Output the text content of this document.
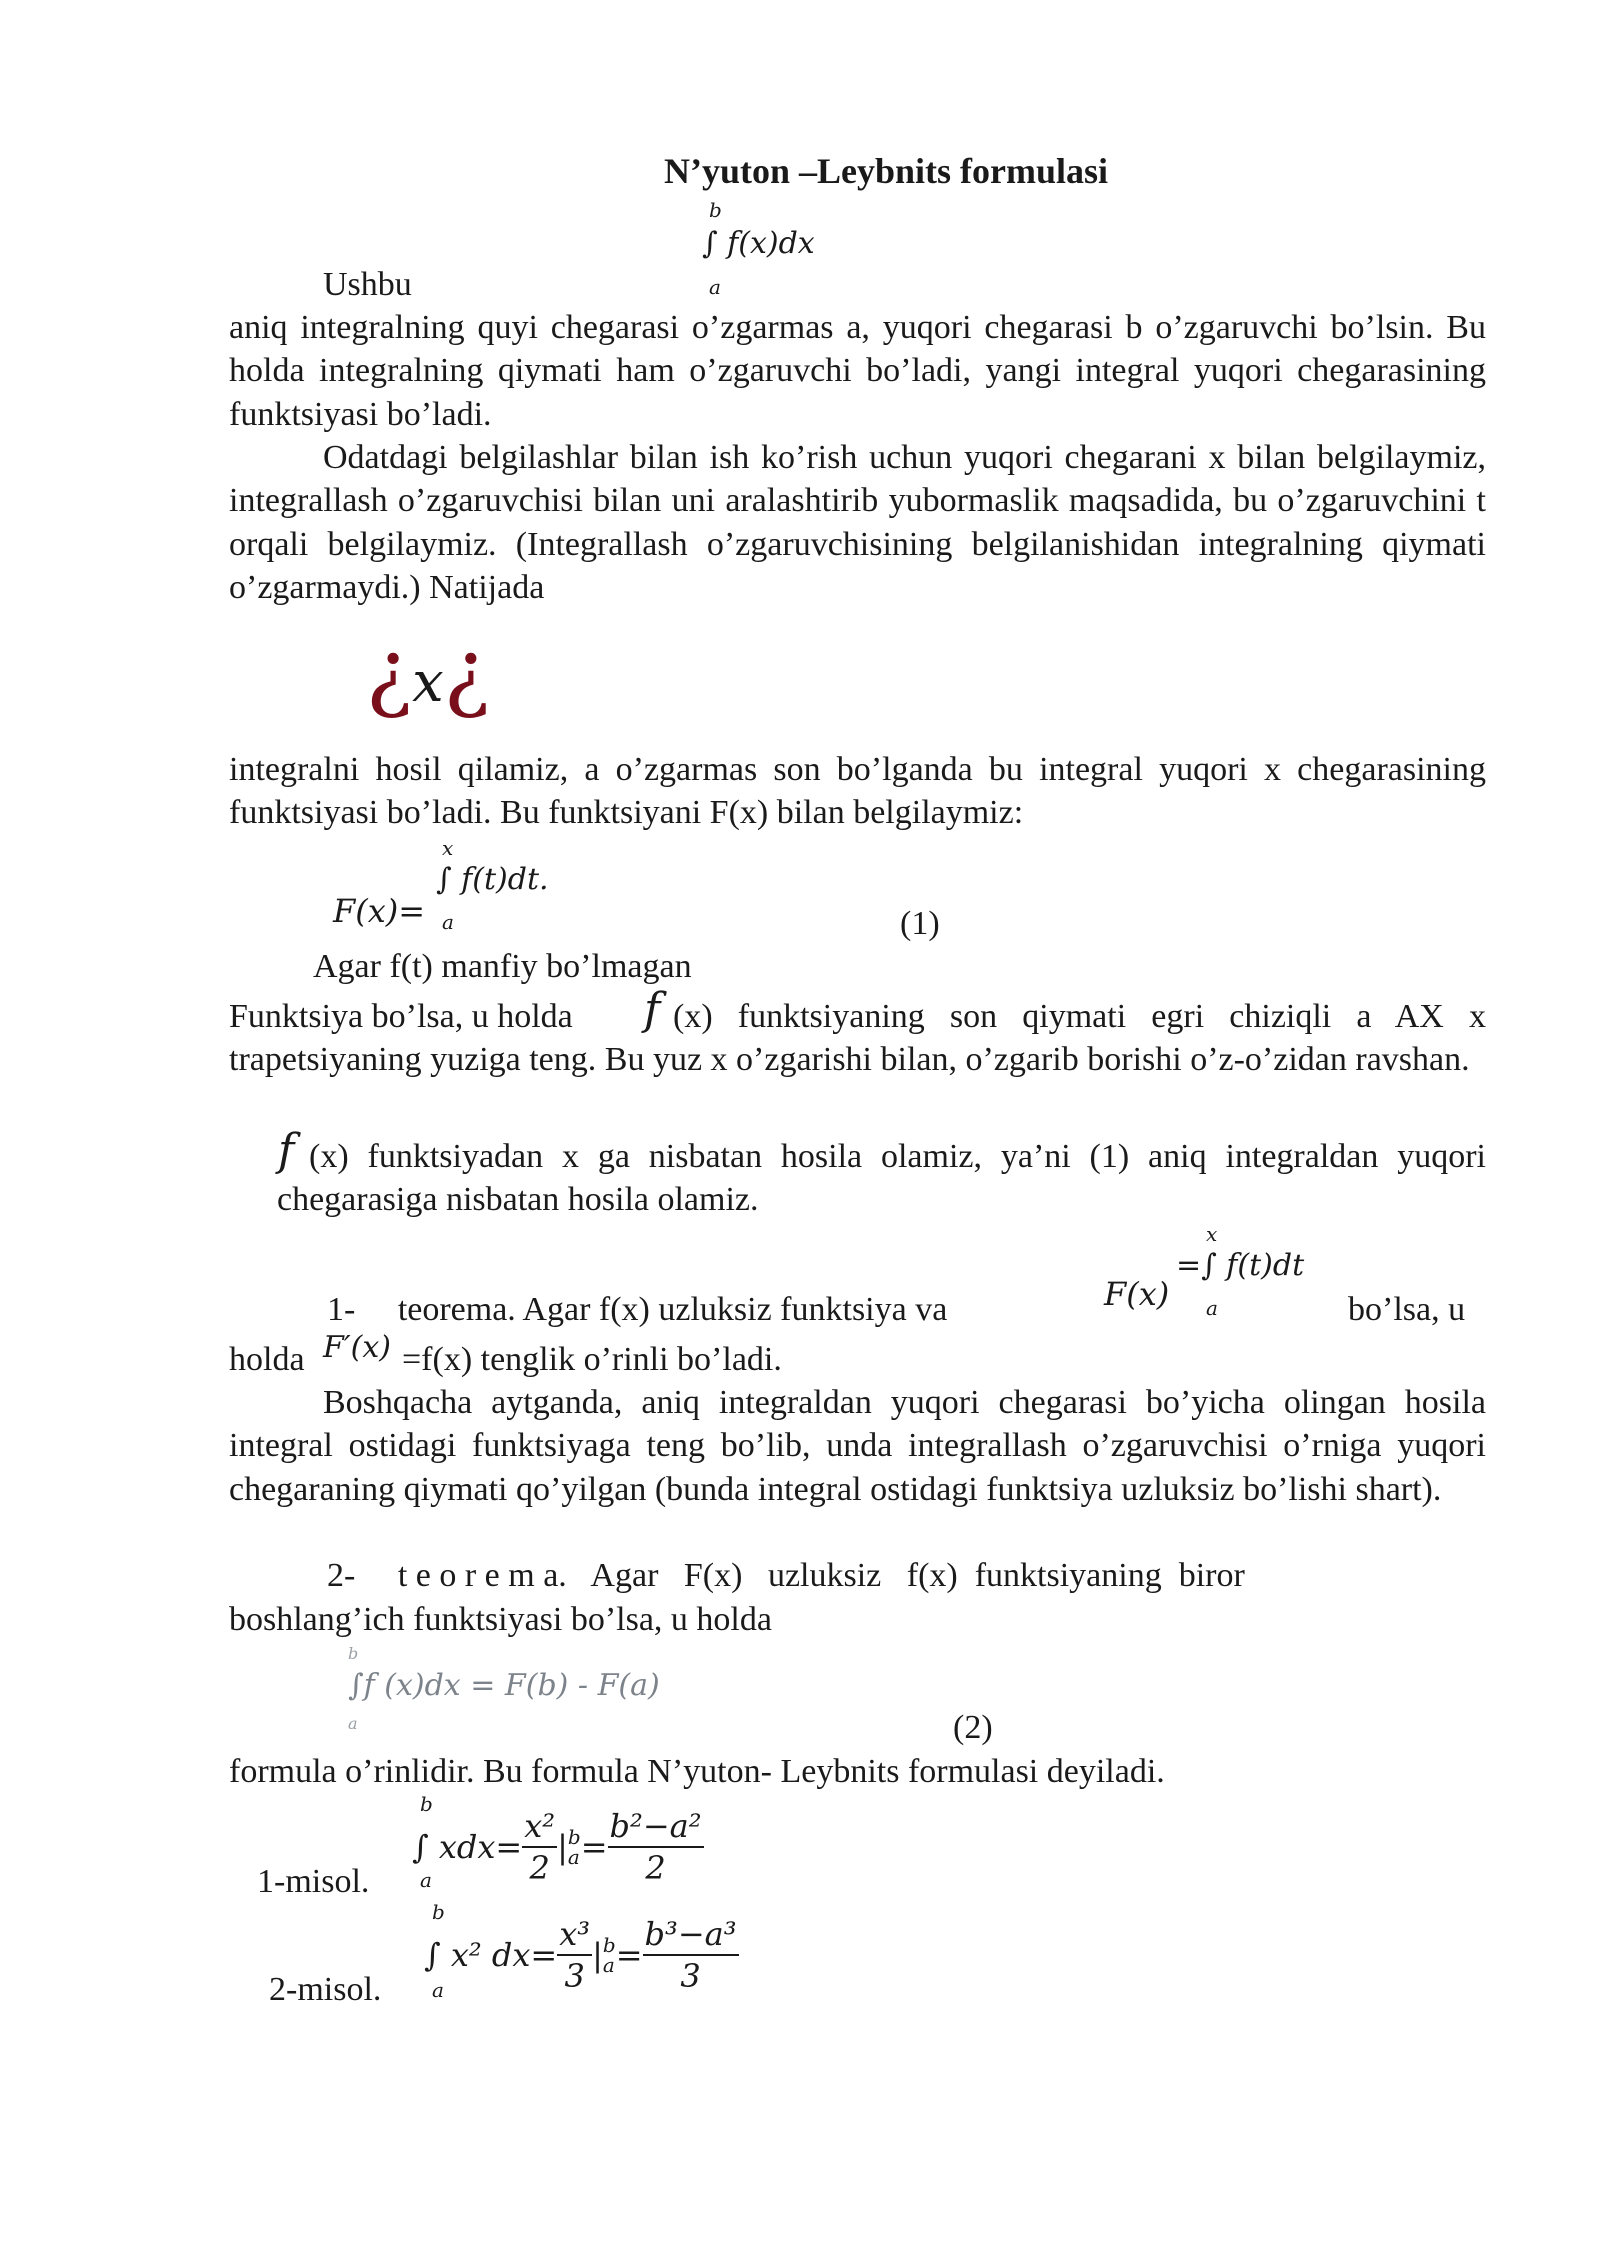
N’yuton –Leybnits formulasi
b
∫ f(x)dx
a
Ushbu
aniq integralning quyi chegarasi o’zgarmas a, yuqori chegarasi b o’zgaruvchi bo’lsin. Bu holda integralning qiymati ham o’zgaruvchi bo’ladi, yangi integral yuqori chegarasining funktsiyasi bo’ladi.
Odatdagi belgilashlar bilan ish ko’rish uchun yuqori chegarani x bilan belgilaymiz, integrallash o’zgaruvchisi bilan uni aralashtirib yubormaslik maqsadida, bu o’zgaruvchini t orqali belgilaymiz. (Integrallash o’zgaruvchisining belgilanishidan integralning qiymati o’zgarmaydi.) Natijada
¿x¿
integralni hosil qilamiz, a o’zgarmas son bo’lganda bu integral yuqori x chegarasining funktsiyasi bo’ladi. Bu funktsiyani F(x) bilan belgilaymiz:
x
∫ f(t)dt.
a
F(x)=	(1)
Agar f(t) manfiy bo’lmagan
Funktsiya bo’lsa, u holda f (x) funktsiyaning son qiymati egri chiziqli a AX x trapetsiyaning yuziga teng. Bu yuz x o’zgarishi bilan, o’zgarib borishi o’z-o’zidan ravshan.
f (x) funktsiyadan x ga nisbatan hosila olamiz, ya’ni (1) aniq integraldan yuqori chegarasiga nisbatan hosila olamiz.
x
=∫ f(t)dt
a
F(x)
1-     teorema. Agar f(x) uzluksiz funktsiya va	bo’lsa, u
holda F′(x) =f(x) tenglik o’rinli bo’ladi.
Boshqacha aytganda, aniq integraldan yuqori chegarasi bo’yicha olingan hosila integral ostidagi funktsiyaga teng bo’lib, unda integrallash o’zgaruvchisi o’rniga yuqori chegaraning qiymati qo’yilgan (bunda integral ostidagi funktsiya uzluksiz bo’lishi shart).
2-     t e o r e m a.   Agar   F(x)   uzluksiz   f(x)  funktsiyaning  biror
boshlang’ich funktsiyasi bo’lsa, u holda
b
∫f (x)dx = F(b) - F(a)
a	(2)
formula o’rinlidir. Bu formula N’yuton- Leybnits formulasi deyiladi.
1-misol.
b
a
∫ $xdx= \frac{\text{x²}}{2}$ | b
$a = \frac{\text{b²−a²}}{2}$
2-misol.
b
a
∫ x² $dx= \frac{\text{x³}}{3}$ | b
$a = \frac{\text{b³−a³}}{3}$
